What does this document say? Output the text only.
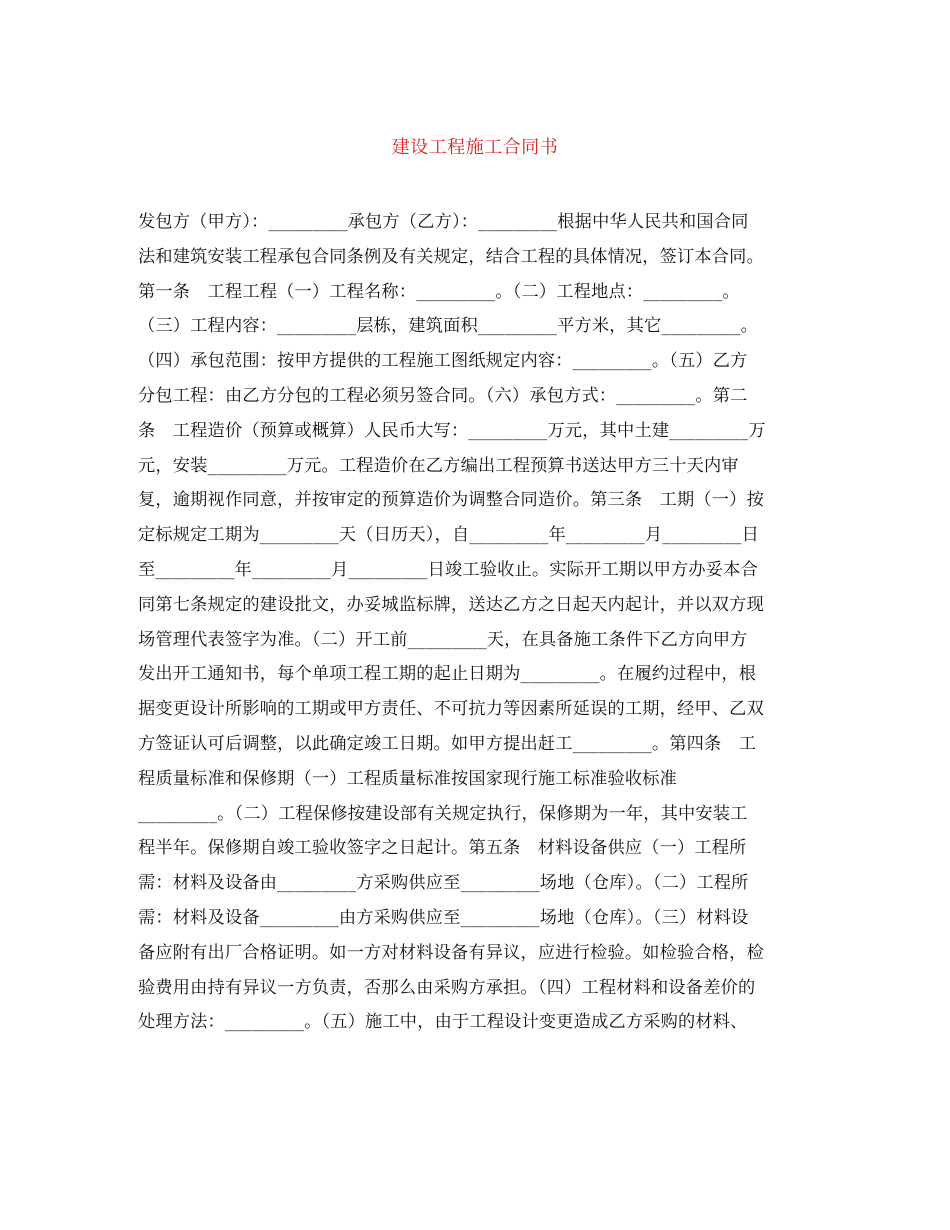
建设工程施工合同书
发包方（甲方）：_________承包方（乙方）：_________根据中华人民共和国合同
法和建筑安装工程承包合同条例及有关规定，结合工程的具体情况，签订本合同。
第一条　工程工程（一）工程名称：_________。（二）工程地点：_________。
（三）工程内容：_________层栋，建筑面积_________平方米，其它_________。
（四）承包范围：按甲方提供的工程施工图纸规定内容：_________。（五）乙方
分包工程：由乙方分包的工程必须另签合同。（六）承包方式：_________。第二
条　工程造价（预算或概算）人民币大写：_________万元，其中土建_________万
元，安装_________万元。工程造价在乙方编出工程预算书送达甲方三十天内审
复，逾期视作同意，并按审定的预算造价为调整合同造价。第三条　工期（一）按
定标规定工期为_________天（日历天），自_________年_________月_________日
至_________年_________月_________日竣工验收止。实际开工期以甲方办妥本合
同第七条规定的建设批文，办妥城监标牌，送达乙方之日起天内起计，并以双方现
场管理代表签字为准。（二）开工前_________天，在具备施工条件下乙方向甲方
发出开工通知书，每个单项工程工期的起止日期为_________。在履约过程中，根
据变更设计所影响的工期或甲方责任、不可抗力等因素所延误的工期，经甲、乙双
方签证认可后调整，以此确定竣工日期。如甲方提出赶工_________。第四条　工
程质量标准和保修期（一）工程质量标准按国家现行施工标准验收标准
_________。（二）工程保修按建设部有关规定执行，保修期为一年，其中安装工
程半年。保修期自竣工验收签字之日起计。第五条　材料设备供应（一）工程所
需：材料及设备由_________方采购供应至_________场地（仓库）。（二）工程所
需：材料及设备_________由方采购供应至_________场地（仓库）。（三）材料设
备应附有出厂合格证明。如一方对材料设备有异议，应进行检验。如检验合格，检
验费用由持有异议一方负责，否那么由采购方承担。（四）工程材料和设备差价的
处理方法：_________。（五）施工中，由于工程设计变更造成乙方采购的材料、
